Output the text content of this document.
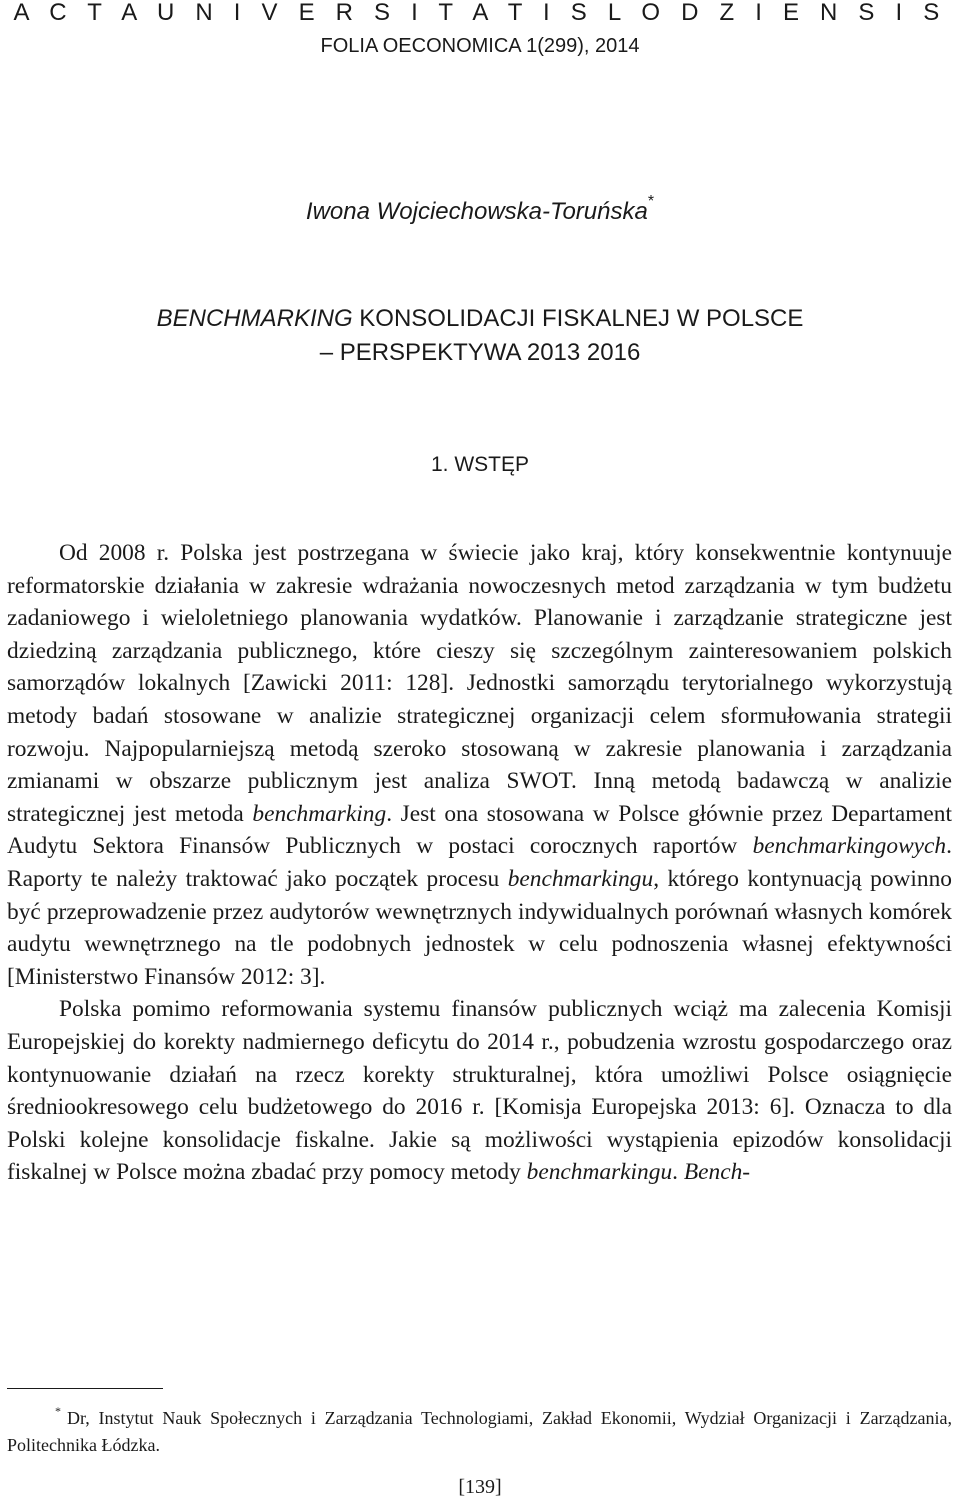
A C T A U N I V E R S I T A T I S L O D Z I E N S I S
FOLIA OECONOMICA 1(299), 2014
Iwona Wojciechowska-Toruńska*
BENCHMARKING KONSOLIDACJI FISKALNEJ W POLSCE
– PERSPEKTYWA 2013 2016
1. WSTĘP

Od 2008 r. Polska jest postrzegana w świecie jako kraj, który konsekwentnie kontynuuje reformatorskie działania w zakresie wdrażania nowoczesnych metod zarządzania w tym budżetu zadaniowego i wieloletniego planowania wydatków. Planowanie i zarządzanie strategiczne jest dziedziną zarządzania publicznego, które cieszy się szczególnym zainteresowaniem polskich samorządów lokalnych [Zawicki 2011: 128]. Jednostki samorządu terytorialnego wykorzystują metody badań stosowane w analizie strategicznej organizacji celem sformułowania strategii rozwoju. Najpopularniejszą metodą szeroko stosowaną w zakresie planowania i zarządzania zmianami w obszarze publicznym jest analiza SWOT. Inną metodą badawczą w analizie strategicznej jest metoda benchmarking. Jest ona stosowana w Polsce głównie przez Departament Audytu Sektora Finansów Publicznych w postaci corocznych raportów benchmarkingowych. Raporty te należy traktować jako początek procesu benchmarkingu, którego kontynuacją powinno być przeprowadzenie przez audytorów wewnętrznych indywidualnych porównań własnych komórek audytu wewnętrznego na tle podobnych jednostek w celu podnoszenia własnej efektywności [Ministerstwo Finansów 2012: 3].

Polska pomimo reformowania systemu finansów publicznych wciąż ma zalecenia Komisji Europejskiej do korekty nadmiernego deficytu do 2014 r., pobudzenia wzrostu gospodarczego oraz kontynuowanie działań na rzecz korekty strukturalnej, która umożliwi Polsce osiągnięcie średniookresowego celu budżetowego do 2016 r. [Komisja Europejska 2013: 6]. Oznacza to dla Polski kolejne konsolidacje fiskalne. Jakie są możliwości wystąpienia epizodów konsolidacji fiskalnej w Polsce można zbadać przy pomocy metody benchmarkingu. Bench-

* Dr, Instytut Nauk Społecznych i Zarządzania Technologiami, Zakład Ekonomii, Wydział Organizacji i Zarządzania, Politechnika Łódzka.

[139]
